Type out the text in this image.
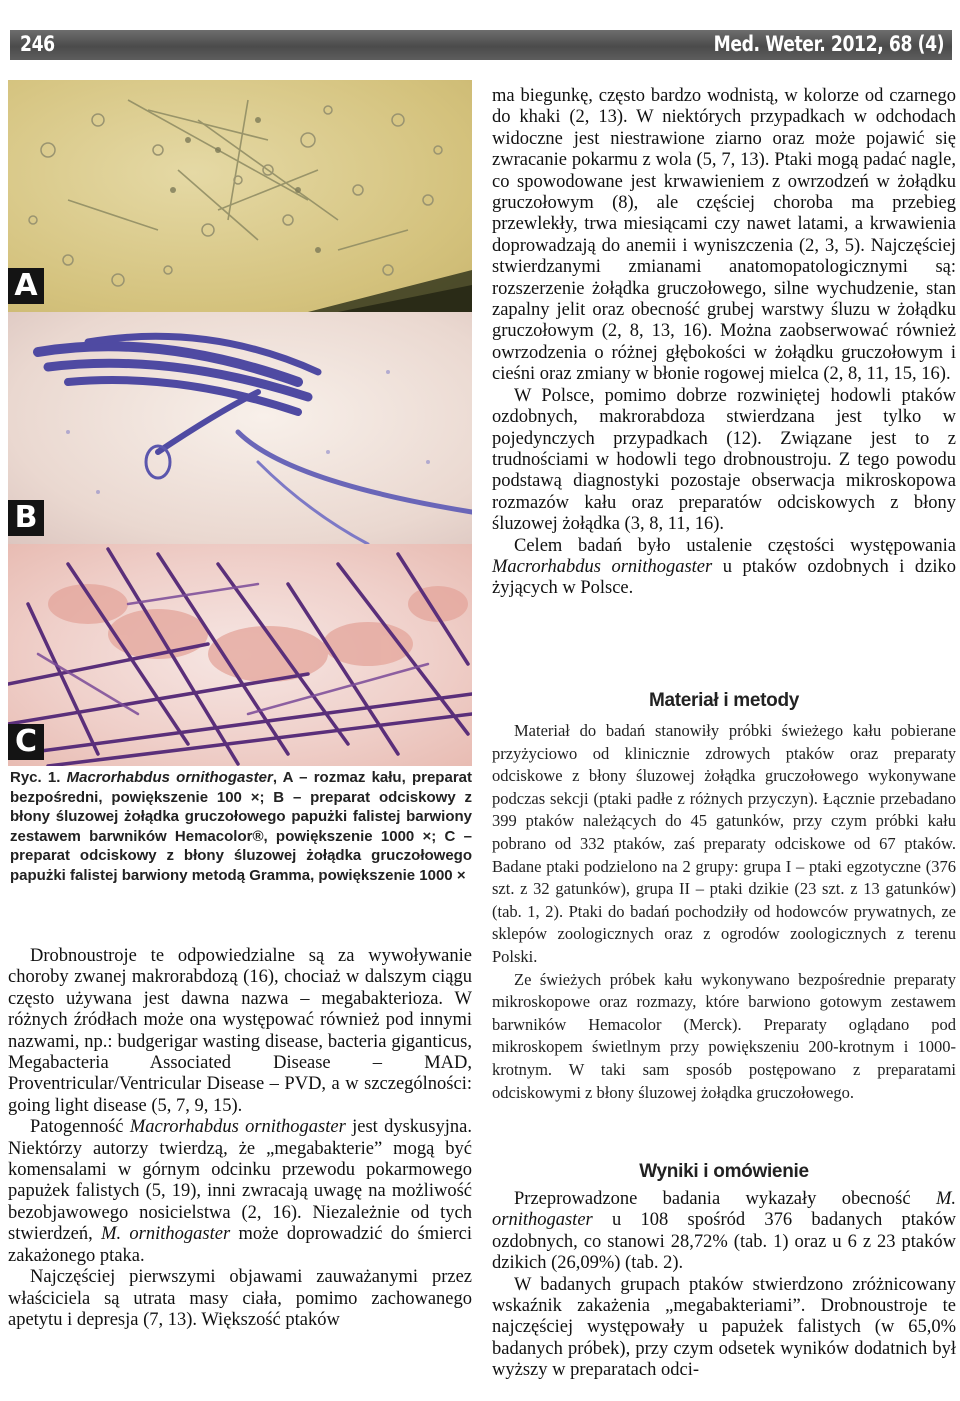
246	Med. Weter. 2012, 68 (4)
A
B
C
Ryc. 1. Macrorhabdus ornithogaster, A – rozmaz kału, preparat bezpośredni, powiększenie 100 ×; B – preparat odciskowy z błony śluzowej żołądka gruczołowego papużki falistej barwiony zestawem barwników Hemacolor®, powiększenie 1000 ×; C – preparat odciskowy z błony śluzowej żołądka gruczołowego papużki falistej barwiony metodą Gramma, powiększenie 1000 ×

Drobnoustroje te odpowiedzialne są za wywoływanie choroby zwanej makrorabdozą (16), chociaż w dalszym ciągu często używana jest dawna nazwa – megabakterioza. W różnych źródłach może ona występować również pod innymi nazwami, np.: budgerigar wasting disease, bacteria giganticus, Megabacteria Associated Disease – MAD, Proventricular/Ventricular Disease – PVD, a w szczególności: going light disease (5, 7, 9, 15).

Patogenność Macrorhabdus ornithogaster jest dyskusyjna. Niektórzy autorzy twierdzą, że „megabakterie” mogą być komensalami w górnym odcinku przewodu pokarmowego papużek falistych (5, 19), inni zwracają uwagę na możliwość bezobjawowego nosicielstwa (2, 16). Niezależnie od tych stwierdzeń, M. ornithogaster może doprowadzić do śmierci zakażonego ptaka.

Najczęściej pierwszymi objawami zauważanymi przez właściciela są utrata masy ciała, pomimo zachowanego apetytu i depresja (7, 13). Większość ptaków

ma biegunkę, często bardzo wodnistą, w kolorze od czarnego do khaki (2, 13). W niektórych przypadkach w odchodach widoczne jest niestrawione ziarno oraz może pojawić się zwracanie pokarmu z wola (5, 7, 13). Ptaki mogą padać nagle, co spowodowane jest krwawieniem z owrzodzeń w żołądku gruczołowym (8), ale częściej choroba ma przebieg przewlekły, trwa miesiącami czy nawet latami, a krwawienia doprowadzają do anemii i wyniszczenia (2, 3, 5). Najczęściej stwierdzanymi zmianami anatomopatologicznymi są: rozszerzenie żołądka gruczołowego, silne wychudzenie, stan zapalny jelit oraz obecność grubej warstwy śluzu w żołądku gruczołowym (2, 8, 13, 16). Można zaobserwować również owrzodzenia o różnej głębokości w żołądku gruczołowym i cieśni oraz zmiany w błonie rogowej mielca (2, 8, 11, 15, 16).

W Polsce, pomimo dobrze rozwiniętej hodowli ptaków ozdobnych, makrorabdoza stwierdzana jest tylko w pojedynczych przypadkach (12). Związane jest to z trudnościami w hodowli tego drobnoustroju. Z tego powodu podstawą diagnostyki pozostaje obserwacja mikroskopowa rozmazów kału oraz preparatów odciskowych z błony śluzowej żołądka (3, 8, 11, 16).

Celem badań było ustalenie częstości występowania Macrorhabdus ornithogaster u ptaków ozdobnych i dziko żyjących w Polsce.

Materiał i metody

Materiał do badań stanowiły próbki świeżego kału pobierane przyżyciowo od klinicznie zdrowych ptaków oraz preparaty odciskowe z błony śluzowej żołądka gruczołowego wykonywane podczas sekcji (ptaki padłe z różnych przyczyn). Łącznie przebadano 399 ptaków należących do 45 gatunków, przy czym próbki kału pobrano od 332 ptaków, zaś preparaty odciskowe od 67 ptaków. Badane ptaki podzielono na 2 grupy: grupa I – ptaki egzotyczne (376 szt. z 32 gatunków), grupa II – ptaki dzikie (23 szt. z 13 gatunków) (tab. 1, 2). Ptaki do badań pochodziły od hodowców prywatnych, ze sklepów zoologicznych oraz z ogrodów zoologicznych z terenu Polski.

Ze świeżych próbek kału wykonywano bezpośrednie preparaty mikroskopowe oraz rozmazy, które barwiono gotowym zestawem barwników Hemacolor (Merck). Preparaty oglądano pod mikroskopem świetlnym przy powiększeniu 200-krotnym i 1000-krotnym. W taki sam sposób postępowano z preparatami odciskowymi z błony śluzowej żołądka gruczołowego.

Wyniki i omówienie

Przeprowadzone badania wykazały obecność M. ornithogaster u 108 spośród 376 badanych ptaków ozdobnych, co stanowi 28,72% (tab. 1) oraz u 6 z 23 ptaków dzikich (26,09%) (tab. 2).

W badanych grupach ptaków stwierdzono zróżnicowany wskaźnik zakażenia „megabakteriami”. Drobnoustroje te najczęściej występowały u papużek falistych (w 65,0% badanych próbek), przy czym odsetek wyników dodatnich był wyższy w preparatach odci-
